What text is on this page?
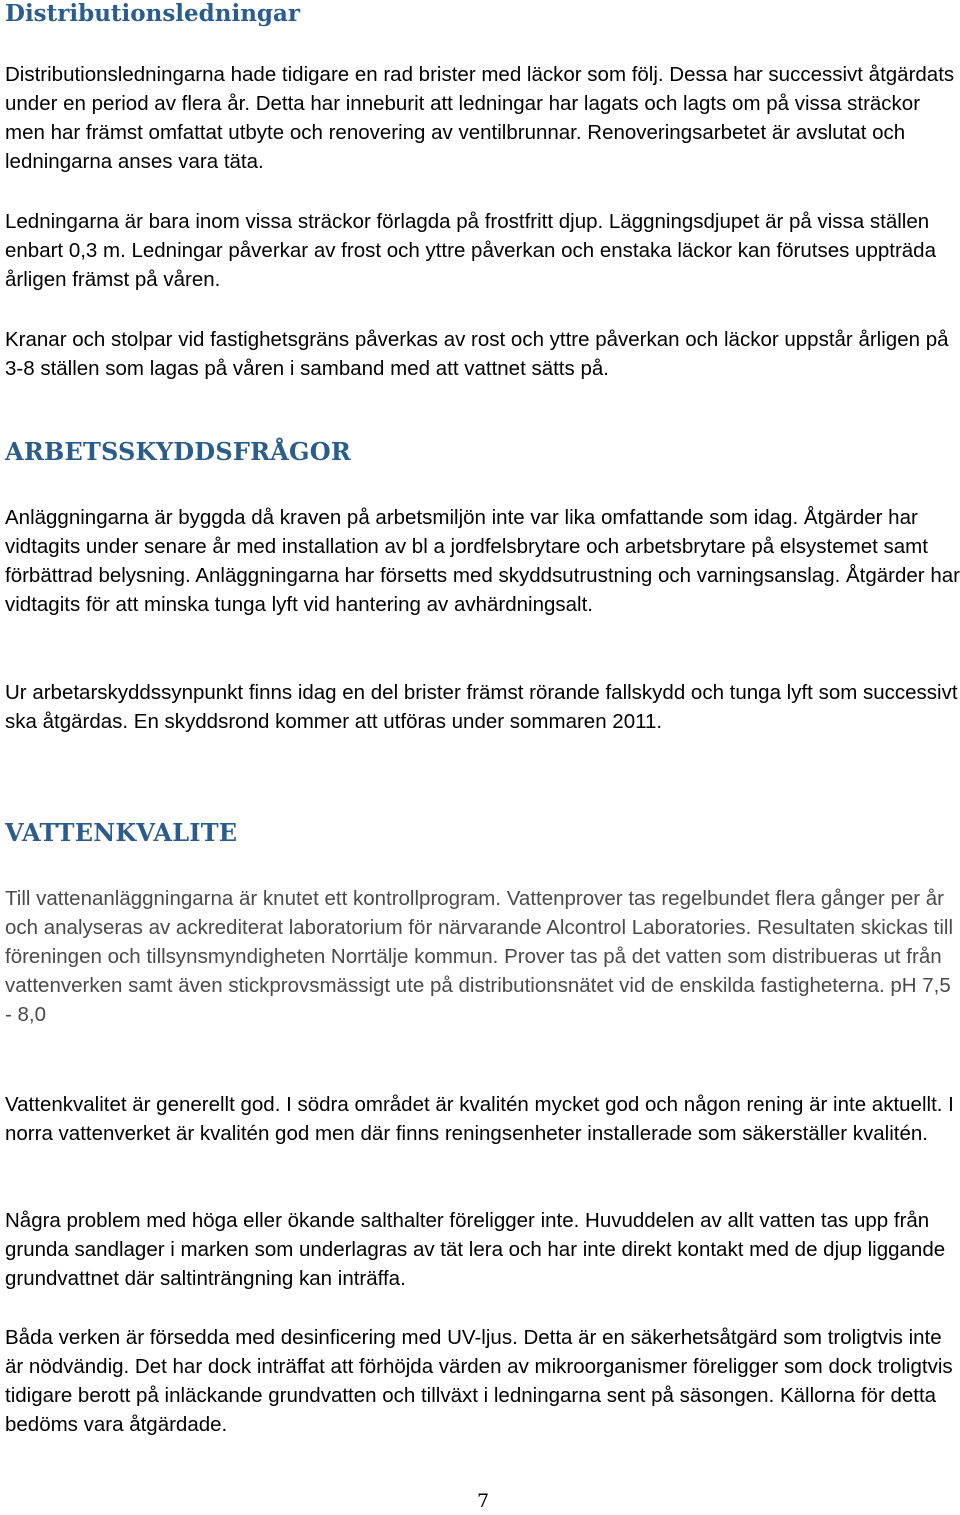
Distributionsledningar

Distributionsledningarna hade tidigare en rad brister med läckor som följ. Dessa har successivt åtgärdats under en period av flera år. Detta har inneburit att ledningar har lagats och lagts om på vissa sträckor men har främst omfattat utbyte och renovering av ventilbrunnar. Renoveringsarbetet är avslutat och ledningarna anses vara täta.

Ledningarna är bara inom vissa sträckor förlagda på frostfritt djup. Läggningsdjupet är på vissa ställen enbart 0,3 m. Ledningar påverkar av frost och yttre påverkan och enstaka läckor kan förutses uppträda årligen främst på våren.

Kranar och stolpar vid fastighetsgräns påverkas av rost och yttre påverkan och läckor uppstår årligen på 3-8 ställen som lagas på våren i samband med att vattnet sätts på.

ARBETSSKYDDSFRÅGOR

Anläggningarna är byggda då kraven på arbetsmiljön inte var lika omfattande som idag. Åtgärder har vidtagits under senare år med installation av bl a jordfelsbrytare och arbetsbrytare på elsystemet samt förbättrad belysning. Anläggningarna har försetts med skyddsutrustning och varningsanslag. Åtgärder har vidtagits för att minska tunga lyft vid hantering av avhärdningsalt.

Ur arbetarskyddssynpunkt finns idag en del brister främst rörande fallskydd och tunga lyft som successivt ska åtgärdas. En skyddsrond kommer att utföras under sommaren 2011.

VATTENKVALITE

Till vattenanläggningarna är knutet ett kontrollprogram. Vattenprover tas regelbundet flera gånger per år och analyseras av ackrediterat laboratorium för närvarande Alcontrol Laboratories. Resultaten skickas till föreningen och tillsynsmyndigheten Norrtälje kommun. Prover tas på det vatten som distribueras ut från vattenverken samt även stickprovsmässigt ute på distributionsnätet vid de enskilda fastigheterna. pH 7,5 - 8,0

Vattenkvalitet är generellt god. I södra området är kvalitén mycket god och någon rening är inte aktuellt. I norra vattenverket är kvalitén god men där finns reningsenheter installerade som säkerställer kvalitén.

Några problem med höga eller ökande salthalter föreligger inte. Huvuddelen av allt vatten tas upp från grunda sandlager i marken som underlagras av tät lera och har inte direkt kontakt med de djup liggande grundvattnet där saltinträngning kan inträffa.

Båda verken är försedda med desinficering med UV-ljus. Detta är en säkerhetsåtgärd som troligtvis inte är nödvändig. Det har dock inträffat att förhöjda värden av mikroorganismer föreligger som dock troligtvis tidigare berott på inläckande grundvatten och tillväxt i ledningarna sent på säsongen. Källorna för detta bedöms vara åtgärdade.

7
